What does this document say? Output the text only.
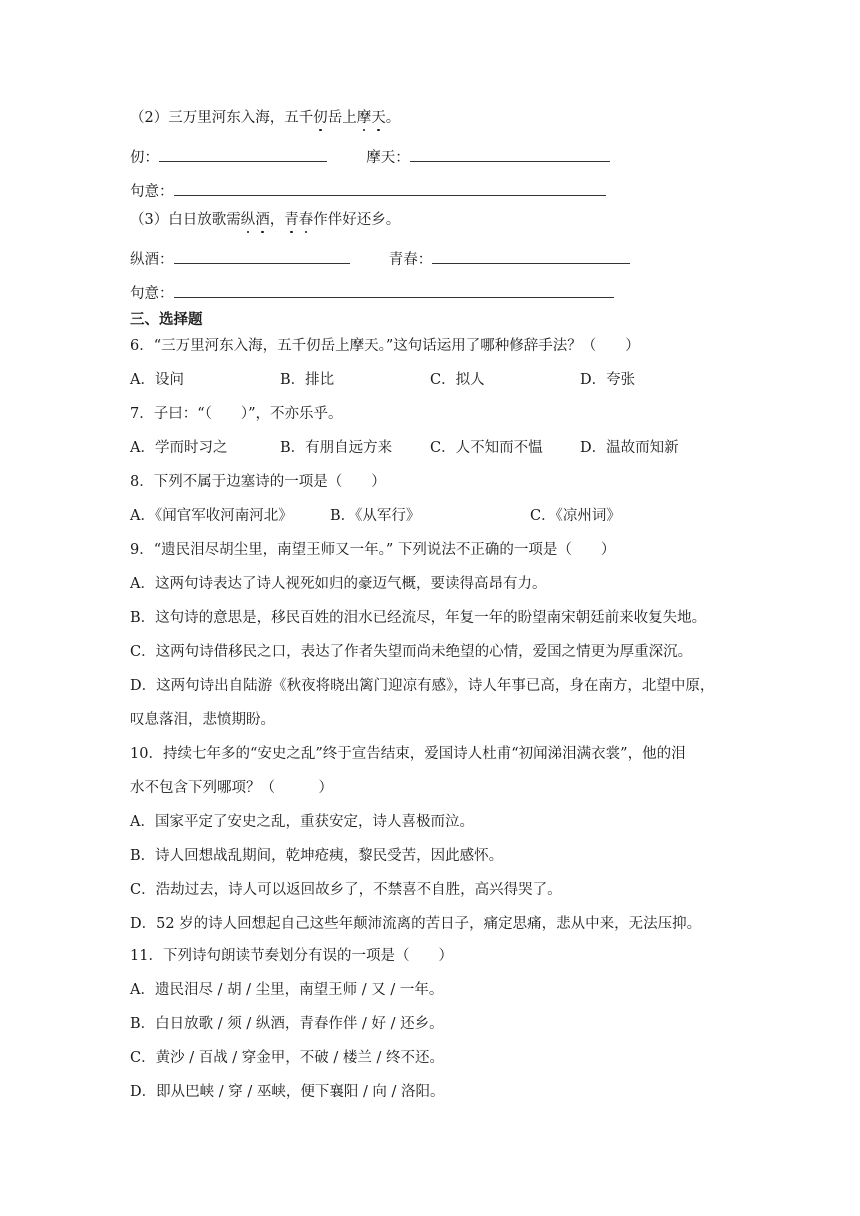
（2）三万里河东入海，五千仞岳上摩天。
仞：	摩天：
句意：
（3）白日放歌需纵酒，青春作伴好还乡。
纵酒：	青春：
句意：
三、选择题
6．“三万里河东入海，五千仞岳上摩天。”这句话运用了哪种修辞手法？（　　）
A．设问	B．排比	C．拟人	D．夸张
7．子曰：“（　　）”，不亦乐乎。
A．学而时习之	B．有朋自远方来	C．人不知而不愠	D．温故而知新
8．下列不属于边塞诗的一项是（　　）
A．《闻官军收河南河北》	B．《从军行》	C．《凉州词》
9．“遗民泪尽胡尘里，南望王师又一年。” 下列说法不正确的一项是（　　）
A．这两句诗表达了诗人视死如归的豪迈气概，要读得高昂有力。
B．这句诗的意思是，移民百姓的泪水已经流尽，年复一年的盼望南宋朝廷前来收复失地。
C．这两句诗借移民之口，表达了作者失望而尚未绝望的心情，爱国之情更为厚重深沉。
D．这两句诗出自陆游《秋夜将晓出篱门迎凉有感》，诗人年事已高，身在南方，北望中原，
叹息落泪，悲愤期盼。
10．持续七年多的“安史之乱”终于宣告结束，爱国诗人杜甫“初闻涕泪满衣裳”，他的泪
水不包含下列哪项？（　　　）
A．国家平定了安史之乱，重获安定，诗人喜极而泣。
B．诗人回想战乱期间，乾坤疮痍，黎民受苦，因此感怀。
C．浩劫过去，诗人可以返回故乡了，不禁喜不自胜，高兴得哭了。
D．52 岁的诗人回想起自己这些年颠沛流离的苦日子，痛定思痛，悲从中来，无法压抑。
11．下列诗句朗读节奏划分有误的一项是（　　）
A．遗民泪尽 / 胡 / 尘里，南望王师 / 又 / 一年。
B．白日放歌 / 须 / 纵酒，青春作伴 / 好 / 还乡。
C．黄沙 / 百战 / 穿金甲，不破 / 楼兰 / 终不还。
D．即从巴峡 / 穿 / 巫峡，便下襄阳 / 向 / 洛阳。
